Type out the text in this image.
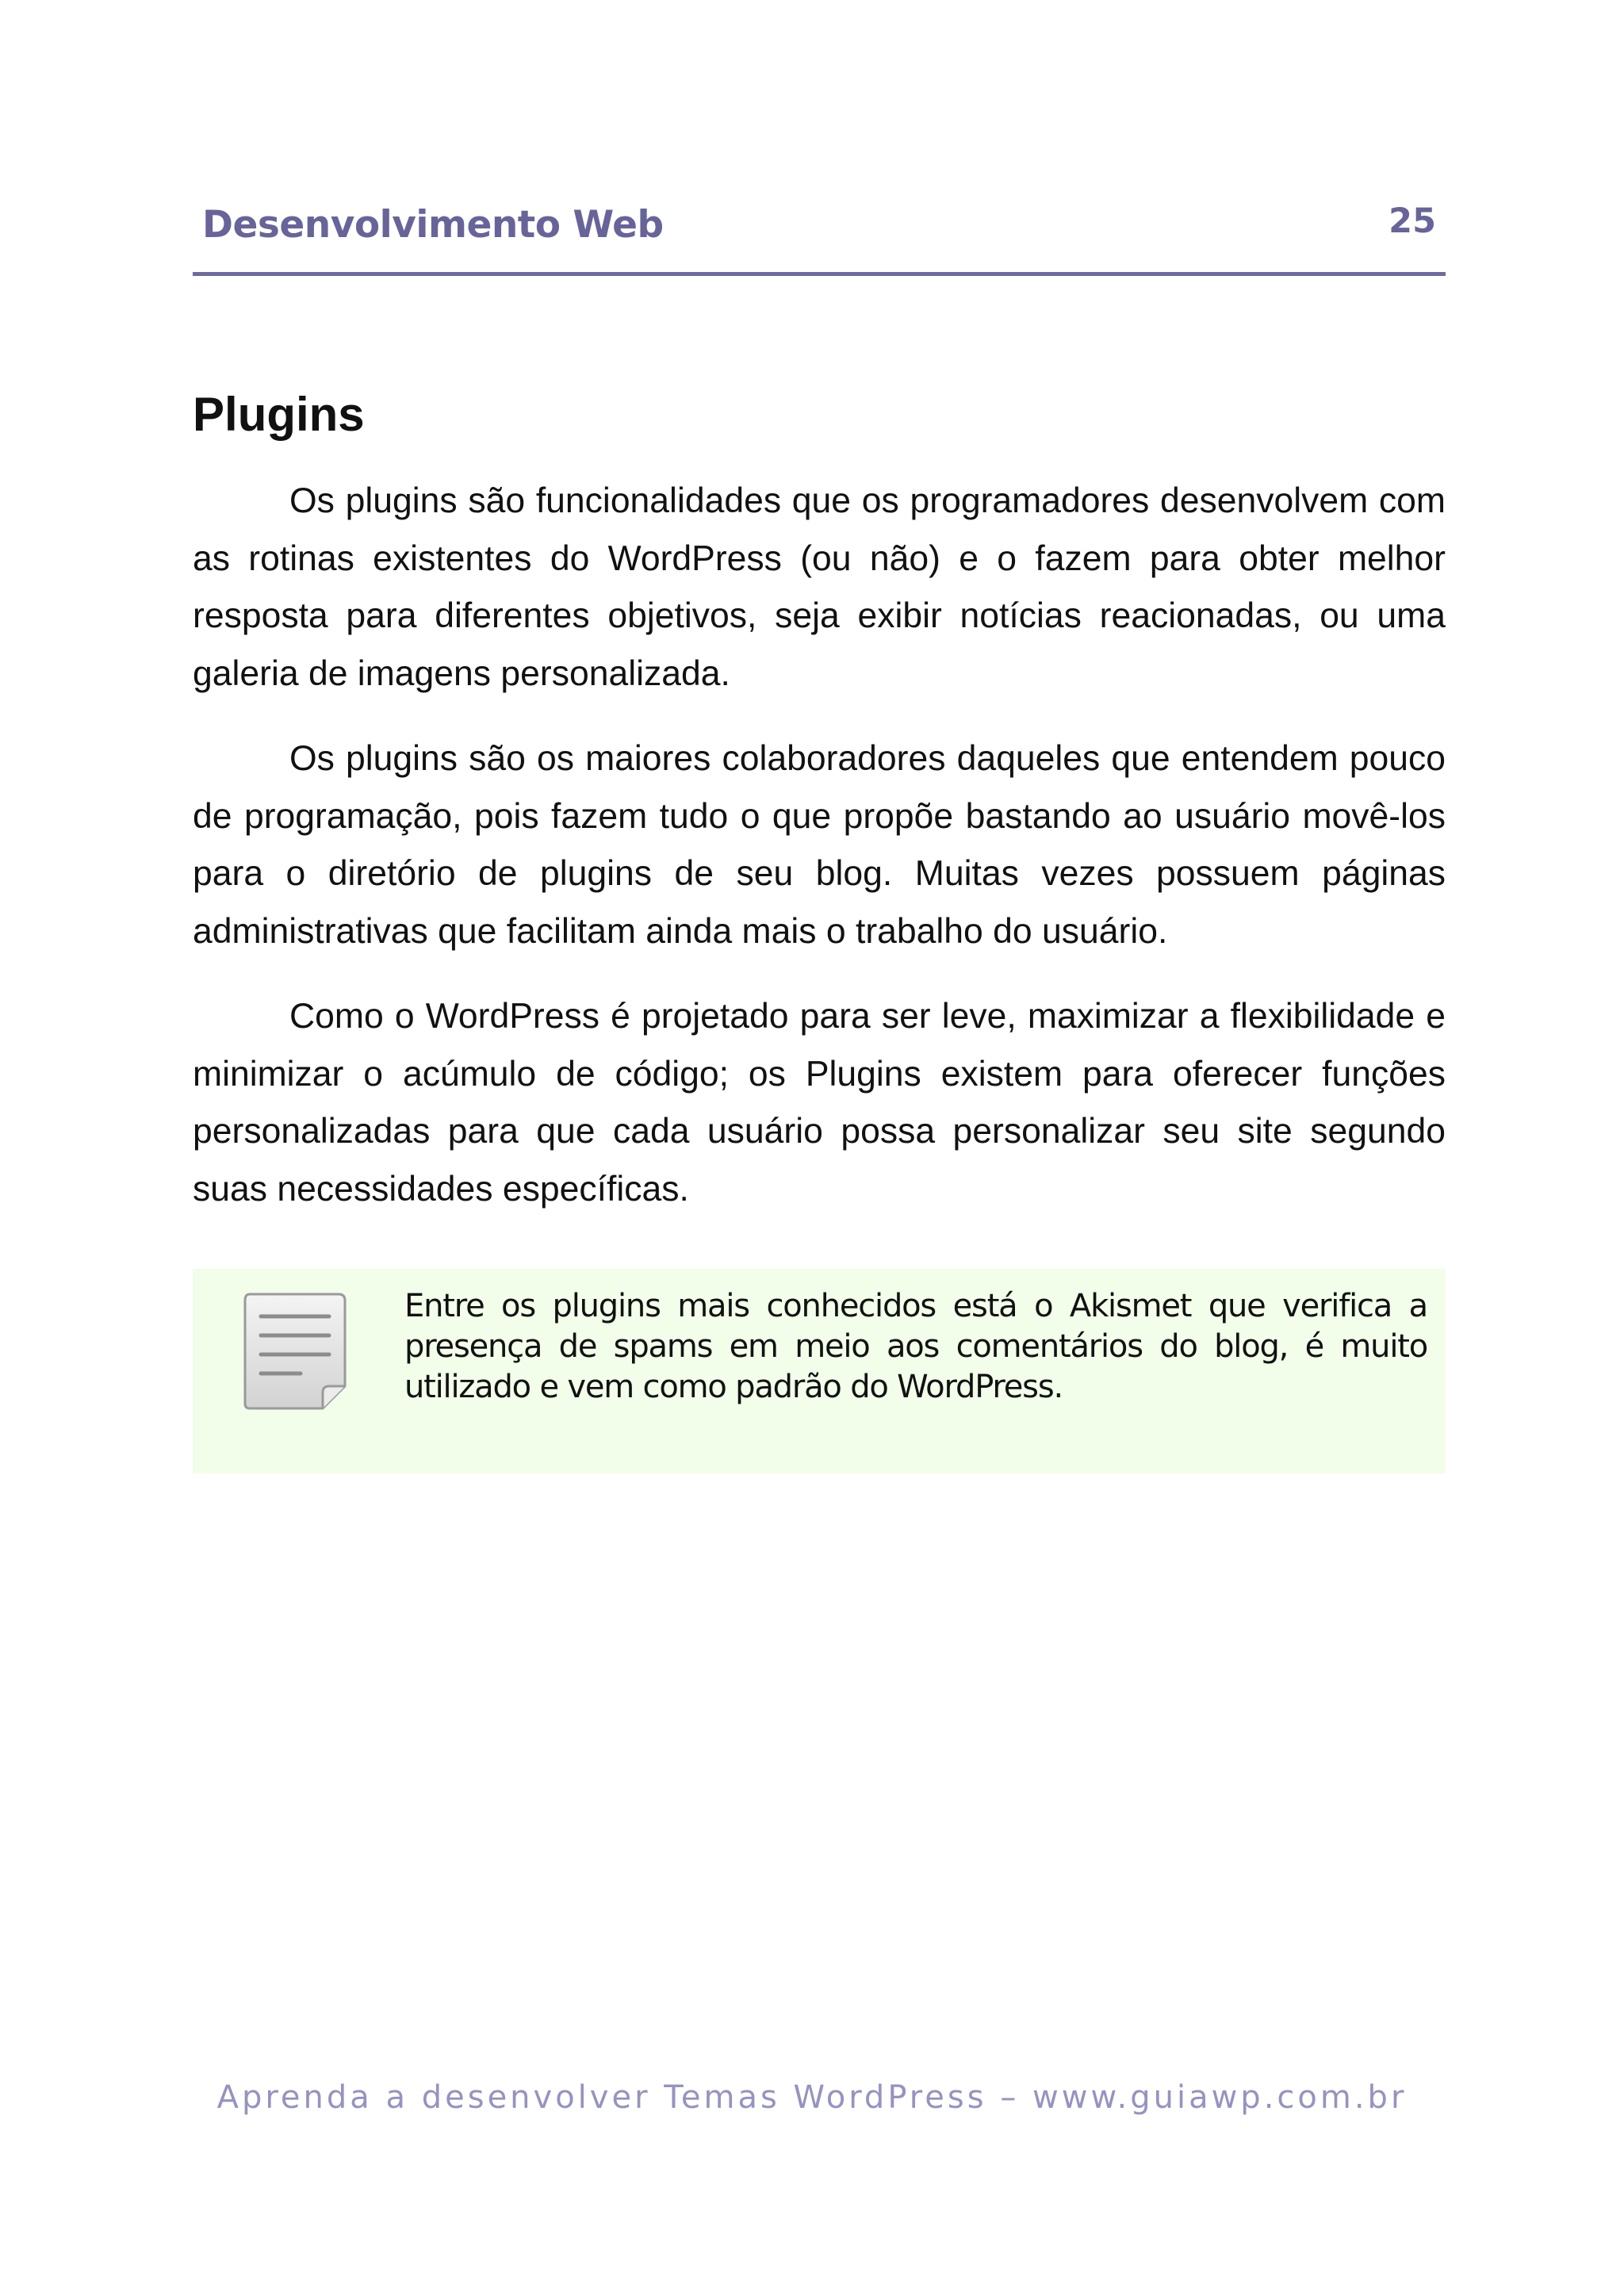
Desenvolvimento Web	25
Plugins

Os plugins são funcionalidades que os programadores desenvolvem com as rotinas existentes do WordPress (ou não) e o fazem para obter melhor resposta para diferentes objetivos, seja exibir notícias reacionadas, ou uma galeria de imagens personalizada.

Os plugins são os maiores colaboradores daqueles que entendem pouco de programação, pois fazem tudo o que propõe bastando ao usuário movê-los para o diretório de plugins de seu blog. Muitas vezes possuem páginas administrativas que facilitam ainda mais o trabalho do usuário.

Como o WordPress é projetado para ser leve, maximizar a flexibilidade e minimizar o acúmulo de código; os Plugins existem para oferecer funções personalizadas para que cada usuário possa personalizar seu site segundo suas necessidades específicas.

Entre os plugins mais conhecidos está o Akismet que verifica a presença de spams em meio aos comentários do blog, é muito utilizado e vem como padrão do WordPress.
Aprenda a desenvolver Temas WordPress – www.guiawp.com.br
